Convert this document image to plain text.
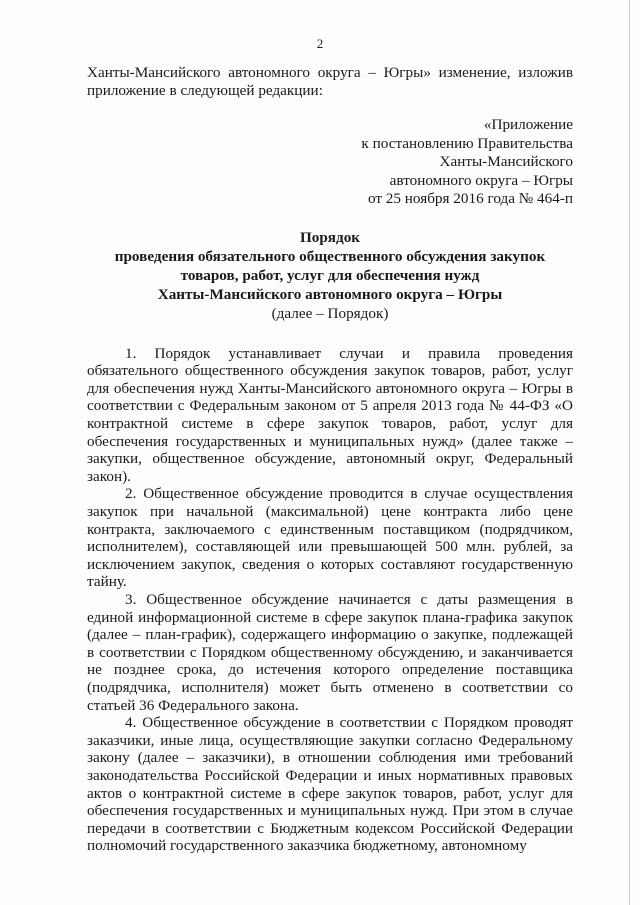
2

Ханты-Мансийского автономного округа – Югры» изменение, изложив приложение в следующей редакции:

«Приложение
к постановлению Правительства
Ханты-Мансийского
автономного округа – Югры
от 25 ноября 2016 года № 464-п
Порядок
проведения обязательного общественного обсуждения закупок
товаров, работ, услуг для обеспечения нужд
Ханты-Мансийского автономного округа – Югры
(далее – Порядок)

1. Порядок устанавливает случаи и правила проведения обязательного общественного обсуждения закупок товаров, работ, услуг для обеспечения нужд Ханты-Мансийского автономного округа – Югры в соответствии с Федеральным законом от 5 апреля 2013 года № 44-ФЗ «О контрактной системе в сфере закупок товаров, работ, услуг для обеспечения государственных и муниципальных нужд» (далее также – закупки, общественное обсуждение, автономный округ, Федеральный закон).

2. Общественное обсуждение проводится в случае осуществления закупок при начальной (максимальной) цене контракта либо цене контракта, заключаемого с единственным поставщиком (подрядчиком, исполнителем), составляющей или превышающей 500 млн. рублей, за исключением закупок, сведения о которых составляют государственную тайну.

3. Общественное обсуждение начинается с даты размещения в единой информационной системе в сфере закупок плана-графика закупок (далее – план-график), содержащего информацию о закупке, подлежащей в соответствии с Порядком общественному обсуждению, и заканчивается не позднее срока, до истечения которого определение поставщика (подрядчика, исполнителя) может быть отменено в соответствии со статьей 36 Федерального закона.

4. Общественное обсуждение в соответствии с Порядком проводят заказчики, иные лица, осуществляющие закупки согласно Федеральному закону (далее – заказчики), в отношении соблюдения ими требований законодательства Российской Федерации и иных нормативных правовых актов о контрактной системе в сфере закупок товаров, работ, услуг для обеспечения государственных и муниципальных нужд. При этом в случае передачи в соответствии с Бюджетным кодексом Российской Федерации полномочий государственного заказчика бюджетному, автономному
